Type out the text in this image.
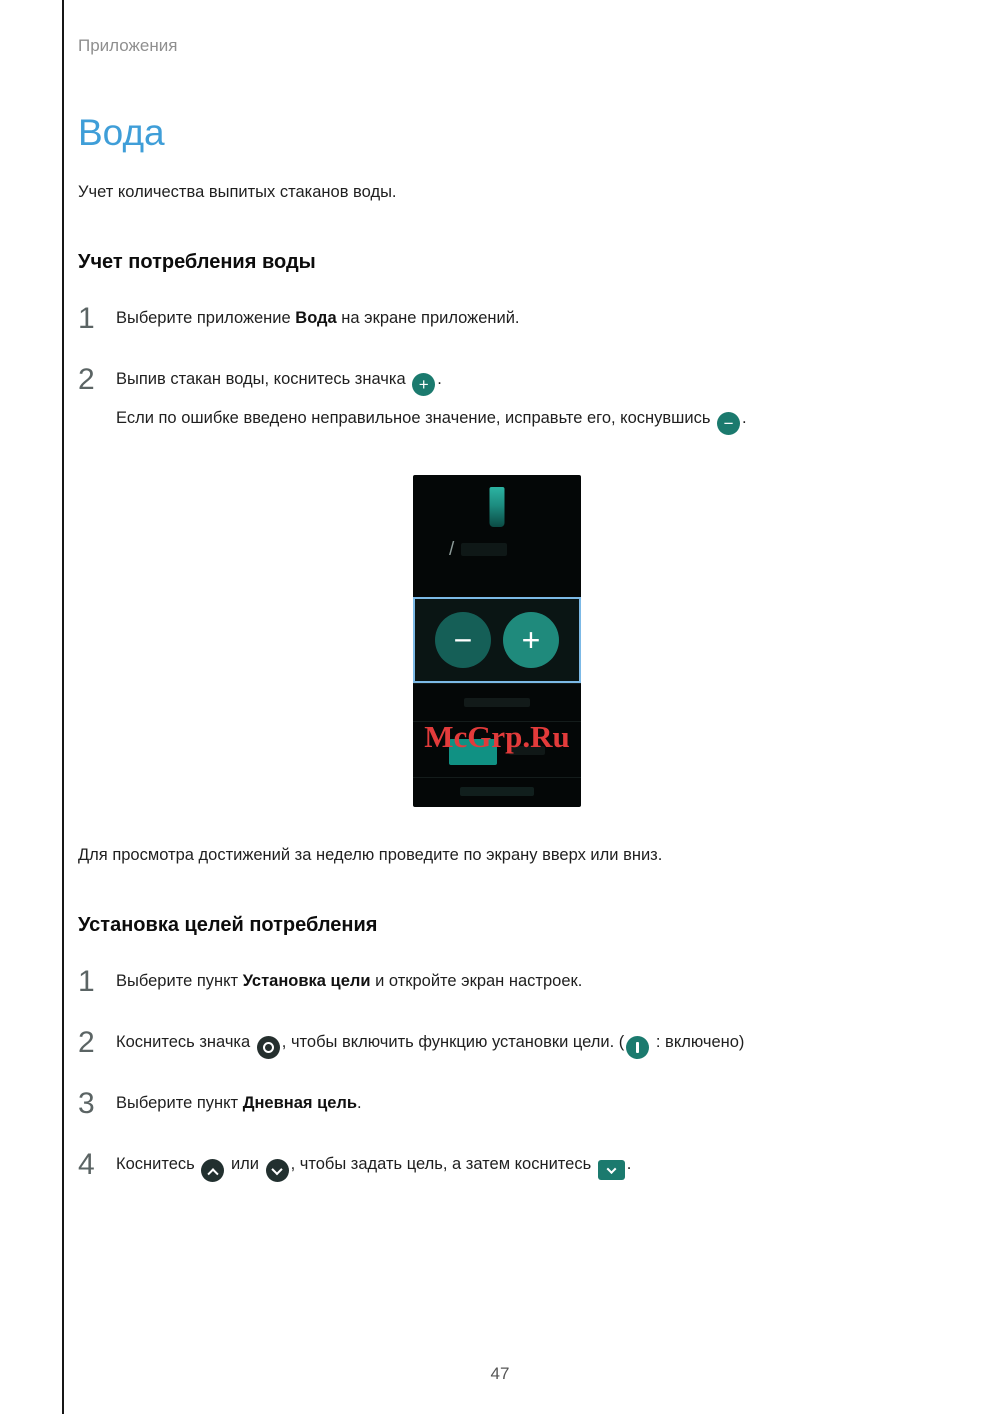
Приложения
Вода

Учет количества выпитых стаканов воды.

Учет потребления воды
1	Выберите приложение Вода на экране приложений.
2	Выпив стакан воды, коснитесь значка + .
Если по ошибке введено неправильное значение, исправьте его, коснувшись − .
/
− +
McGrp.Ru

Для просмотра достижений за неделю проведите по экрану вверх или вниз.

Установка целей потребления
1	Выберите пункт Установка цели и откройте экран настроек.
2	Коснитесь значка
, чтобы включить функцию установки цели. (
: включено)
3	Выберите пункт Дневная цель.
4	Коснитесь
или
, чтобы задать цель, а затем коснитесь
.
47
